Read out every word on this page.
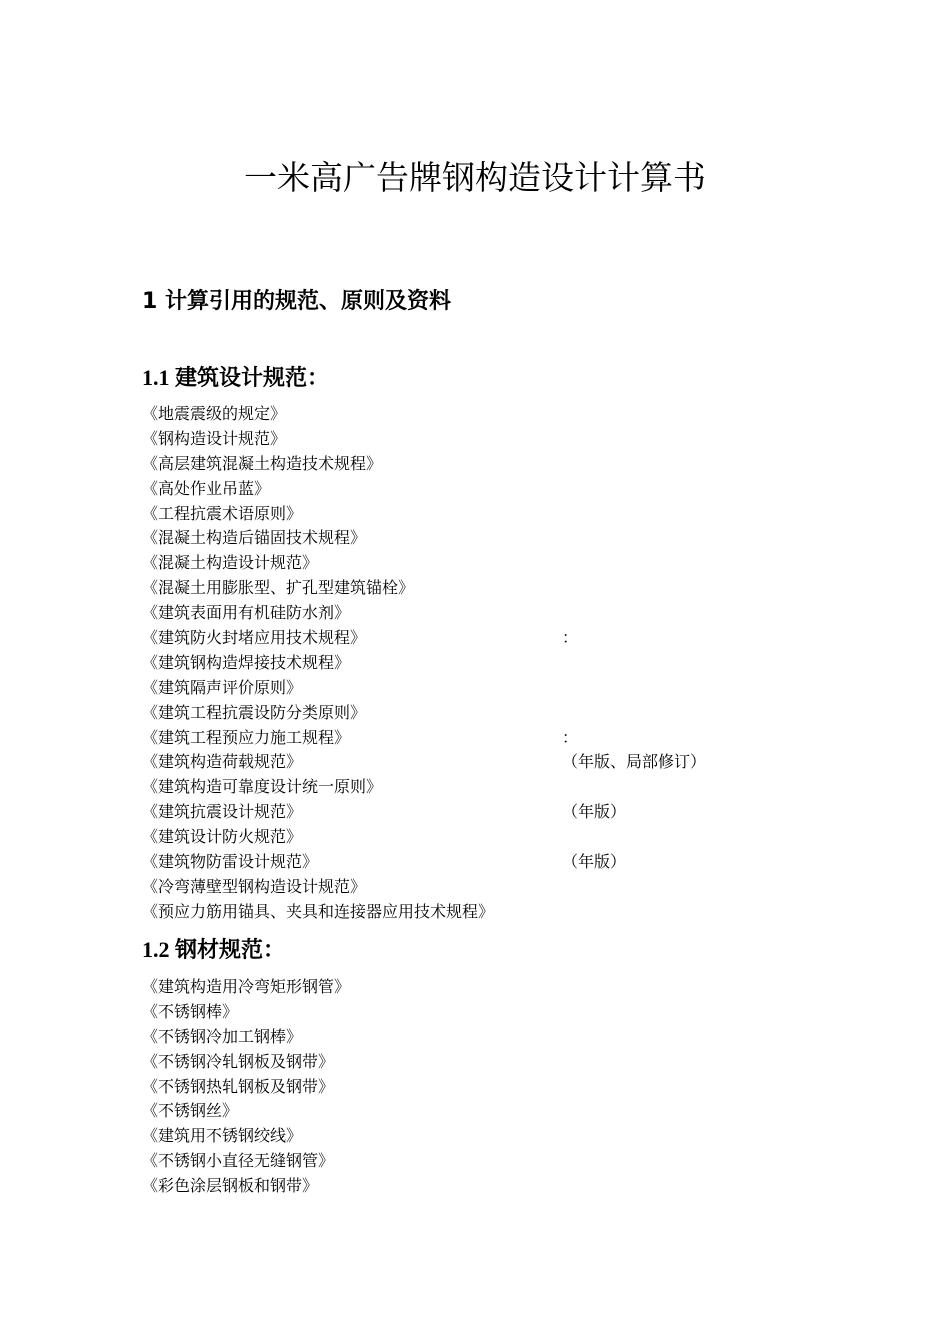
一米高广告牌钢构造设计计算书
1 计算引用的规范、原则及资料
1.1 建筑设计规范：
《地震震级的规定》
《钢构造设计规范》
《高层建筑混凝土构造技术规程》
《高处作业吊蓝》
《工程抗震术语原则》
《混凝土构造后锚固技术规程》
《混凝土构造设计规范》
《混凝土用膨胀型、扩孔型建筑锚栓》
《建筑表面用有机硅防水剂》
《建筑防火封堵应用技术规程》	：
《建筑钢构造焊接技术规程》
《建筑隔声评价原则》
《建筑工程抗震设防分类原则》
《建筑工程预应力施工规程》	：
《建筑构造荷载规范》	（年版、局部修订）
《建筑构造可靠度设计统一原则》
《建筑抗震设计规范》	（年版）
《建筑设计防火规范》
《建筑物防雷设计规范》	（年版）
《冷弯薄壁型钢构造设计规范》
《预应力筋用锚具、夹具和连接器应用技术规程》
1.2 钢材规范：
《建筑构造用冷弯矩形钢管》
《不锈钢棒》
《不锈钢冷加工钢棒》
《不锈钢冷轧钢板及钢带》
《不锈钢热轧钢板及钢带》
《不锈钢丝》
《建筑用不锈钢绞线》
《不锈钢小直径无缝钢管》
《彩色涂层钢板和钢带》
